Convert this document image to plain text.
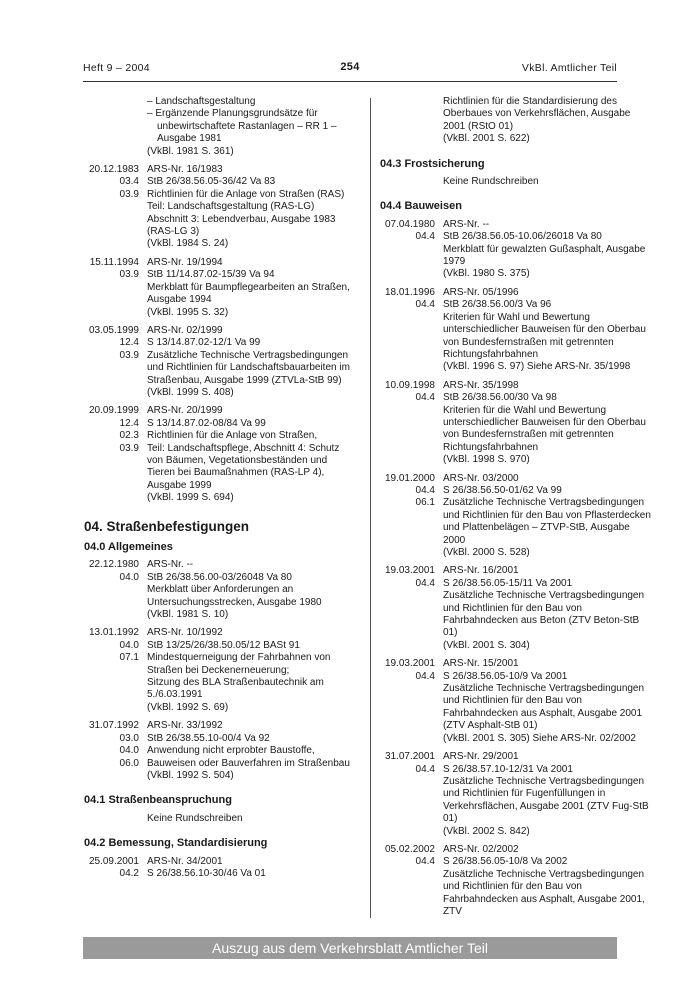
Heft 9 – 2004	254	VkBl. Amtlicher Teil
– Landschaftsgestaltung
– Ergänzende Planungsgrundsätze für unbewirtschaftete Rastanlagen – RR 1 – Ausgabe 1981
(VkBl. 1981 S. 361)
20.12.1983
03.4
03.9
ARS-Nr. 16/1983
StB 26/38.56.05-36/42 Va 83
Richtlinien für die Anlage von Straßen (RAS) Teil: Landschaftsgestaltung (RAS-LG) Abschnitt 3: Lebendverbau, Ausgabe 1983 (RAS-LG 3)
(VkBl. 1984 S. 24)
15.11.1994
03.9
ARS-Nr. 19/1994
StB 11/14.87.02-15/39 Va 94
Merkblatt für Baumpflegearbeiten an Straßen, Ausgabe 1994
(VkBl. 1995 S. 32)
03.05.1999
12.4
03.9
ARS-Nr. 02/1999
S 13/14.87.02-12/1 Va 99
Zusätzliche Technische Vertragsbedingungen und Richtlinien für Landschaftsbauarbeiten im Straßenbau, Ausgabe 1999 (ZTVLa-StB 99)
(VkBl. 1999 S. 408)
20.09.1999
12.4
02.3
03.9
ARS-Nr. 20/1999
S 13/14.87.02-08/84 Va 99
Richtlinien für die Anlage von Straßen,
Teil: Landschaftspflege, Abschnitt 4: Schutz von Bäumen, Vegetationsbeständen und Tieren bei Baumaßnahmen (RAS-LP 4), Ausgabe 1999
(VkBl. 1999 S. 694)
04. Straßenbefestigungen
04.0 Allgemeines
22.12.1980
04.0
ARS-Nr. --
StB 26/38.56.00-03/26048 Va 80
Merkblatt über Anforderungen an Untersuchungsstrecken, Ausgabe 1980
(VkBl. 1981 S. 10)
13.01.1992
04.0
07.1
ARS-Nr. 10/1992
StB 13/25/26/38.50.05/12 BASt 91
Mindestquerneigung der Fahrbahnen von Straßen bei Deckenerneuerung;
Sitzung des BLA Straßenbautechnik am 5./6.03.1991
(VkBl. 1992 S. 69)
31.07.1992
03.0
04.0
06.0
ARS-Nr. 33/1992
StB 26/38.55.10-00/4 Va 92
Anwendung nicht erprobter Baustoffe, Bauweisen oder Bauverfahren im Straßenbau
(VkBl. 1992 S. 504)
04.1 Straßenbeanspruchung
Keine Rundschreiben
04.2 Bemessung, Standardisierung
25.09.2001
04.2
ARS-Nr. 34/2001
S 26/38.56.10-30/46 Va 01
Richtlinien für die Standardisierung des Oberbaues von Verkehrsflächen, Ausgabe 2001 (RStO 01)
(VkBl. 2001 S. 622)
04.3 Frostsicherung
Keine Rundschreiben
04.4 Bauweisen
07.04.1980
04.4
ARS-Nr. --
StB 26/38.56.05-10.06/26018 Va 80
Merkblatt für gewalzten Gußasphalt, Ausgabe 1979
(VkBl. 1980 S. 375)
18.01.1996
04.4
ARS-Nr. 05/1996
StB 26/38.56.00/3 Va 96
Kriterien für Wahl und Bewertung unterschiedlicher Bauweisen für den Oberbau von Bundesfernstraßen mit getrennten Richtungsfahrbahnen
(VkBl. 1996 S. 97) Siehe ARS-Nr. 35/1998
10.09.1998
04.4
ARS-Nr. 35/1998
StB 26/38.56.00/30 Va 98
Kriterien für die Wahl und Bewertung unterschiedlicher Bauweisen für den Oberbau von Bundesfernstraßen mit getrennten Richtungsfahrbahnen
(VkBl. 1998 S. 970)
19.01.2000
04.4
06.1
ARS-Nr. 03/2000
S 26/38.56.50-01/62 Va 99
Zusätzliche Technische Vertragsbedingungen und Richtlinien für den Bau von Pflasterdecken und Plattenbelägen – ZTVP-StB, Ausgabe 2000
(VkBl. 2000 S. 528)
19.03.2001
04.4
ARS-Nr. 16/2001
S 26/38.56.05-15/11 Va 2001
Zusätzliche Technische Vertragsbedingungen und Richtlinien für den Bau von Fahrbahndecken aus Beton (ZTV Beton-StB 01)
(VkBl. 2001 S. 304)
19.03.2001
04.4
ARS-Nr. 15/2001
S 26/38.56.05-10/9 Va 2001
Zusätzliche Technische Vertragsbedingungen und Richtlinien für den Bau von Fahrbahndecken aus Asphalt, Ausgabe 2001 (ZTV Asphalt-StB 01)
(VkBl. 2001 S. 305) Siehe ARS-Nr. 02/2002
31.07.2001
04.4
ARS-Nr. 29/2001
S 26/38.57.10-12/31 Va 2001
Zusätzliche Technische Vertragsbedingungen und Richtlinien für Fugenfüllungen in Verkehrsflächen, Ausgabe 2001 (ZTV Fug-StB 01)
(VkBl. 2002 S. 842)
05.02.2002
04.4
ARS-Nr. 02/2002
S 26/38.56.05-10/8 Va 2002
Zusätzliche Technische Vertragsbedingungen und Richtlinien für den Bau von Fahrbahndecken aus Asphalt, Ausgabe 2001, ZTV
Auszug aus dem Verkehrsblatt Amtlicher Teil
